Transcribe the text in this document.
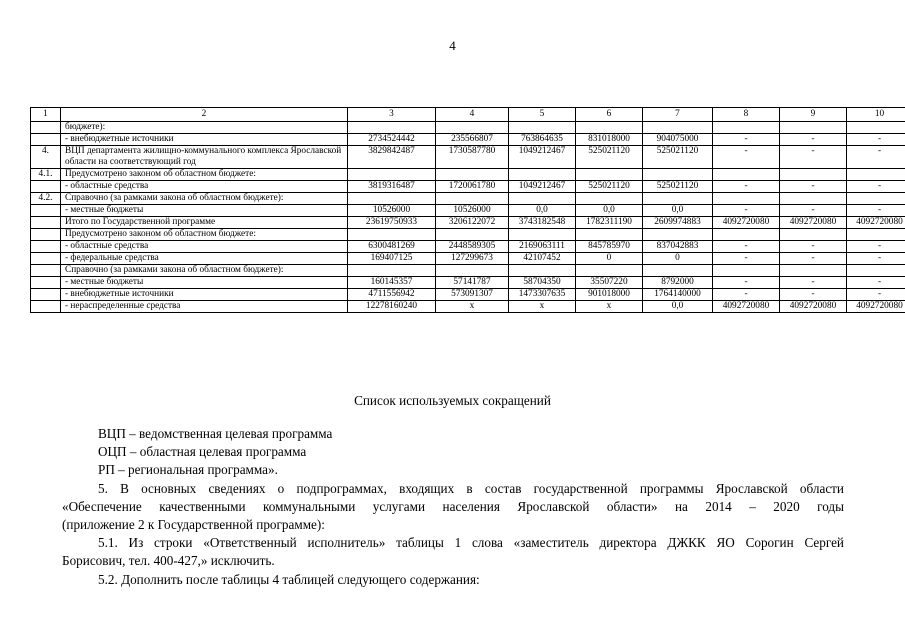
4
1	2	3	4	5	6	7	8	9	10
	бюджете):								
	- внебюджетные источники	2734524442	235566807	763864635	831018000	904075000	-	-	-
4.	ВЦП департамента жилищно-коммунального комплекса Ярославской области на соответствующий год	3829842487	1730587780	1049212467	525021120	525021120	-	-	-
4.1.	Предусмотрено законом об областном бюджете:								
	- областные средства	3819316487	1720061780	1049212467	525021120	525021120	-	-	-
4.2.	Справочно (за рамками закона об областном бюджете):								
	- местные бюджеты	10526000	10526000	0,0	0,0	0,0	-	-	-
	Итого по Государственной программе	23619750933	3206122072	3743182548	1782311190	2609974883	4092720080	4092720080	4092720080
	Предусмотрено законом об областном бюджете:								
	- областные средства	6300481269	2448589305	2169063111	845785970	837042883	-	-	-
	- федеральные средства	169407125	127299673	42107452	0	0	-	-	-
	Справочно (за рамками закона об областном бюджете):								
	- местные бюджеты	160145357	57141787	58704350	35507220	8792000	-	-	-
	- внебюджетные источники	4711556942	573091307	1473307635	901018000	1764140000	-	-	-
	- нераспределенные средства	12278160240	х	х	х	0,0	4092720080	4092720080	4092720080
Список используемых сокращений
ВЦП – ведомственная целевая программа
ОЦП – областная целевая программа
РП – региональная программа».
5. В основных сведениях о подпрограммах, входящих в состав государственной программы Ярославской области
«Обеспечение качественными коммунальными услугами населения Ярославской области» на 2014 – 2020 годы
(приложение 2 к Государственной программе):
5.1. Из строки «Ответственный исполнитель» таблицы 1 слова «заместитель директора ДЖКК ЯО Сорогин Сергей
Борисович, тел. 400-427,» исключить.
5.2. Дополнить после таблицы 4 таблицей следующего содержания:
